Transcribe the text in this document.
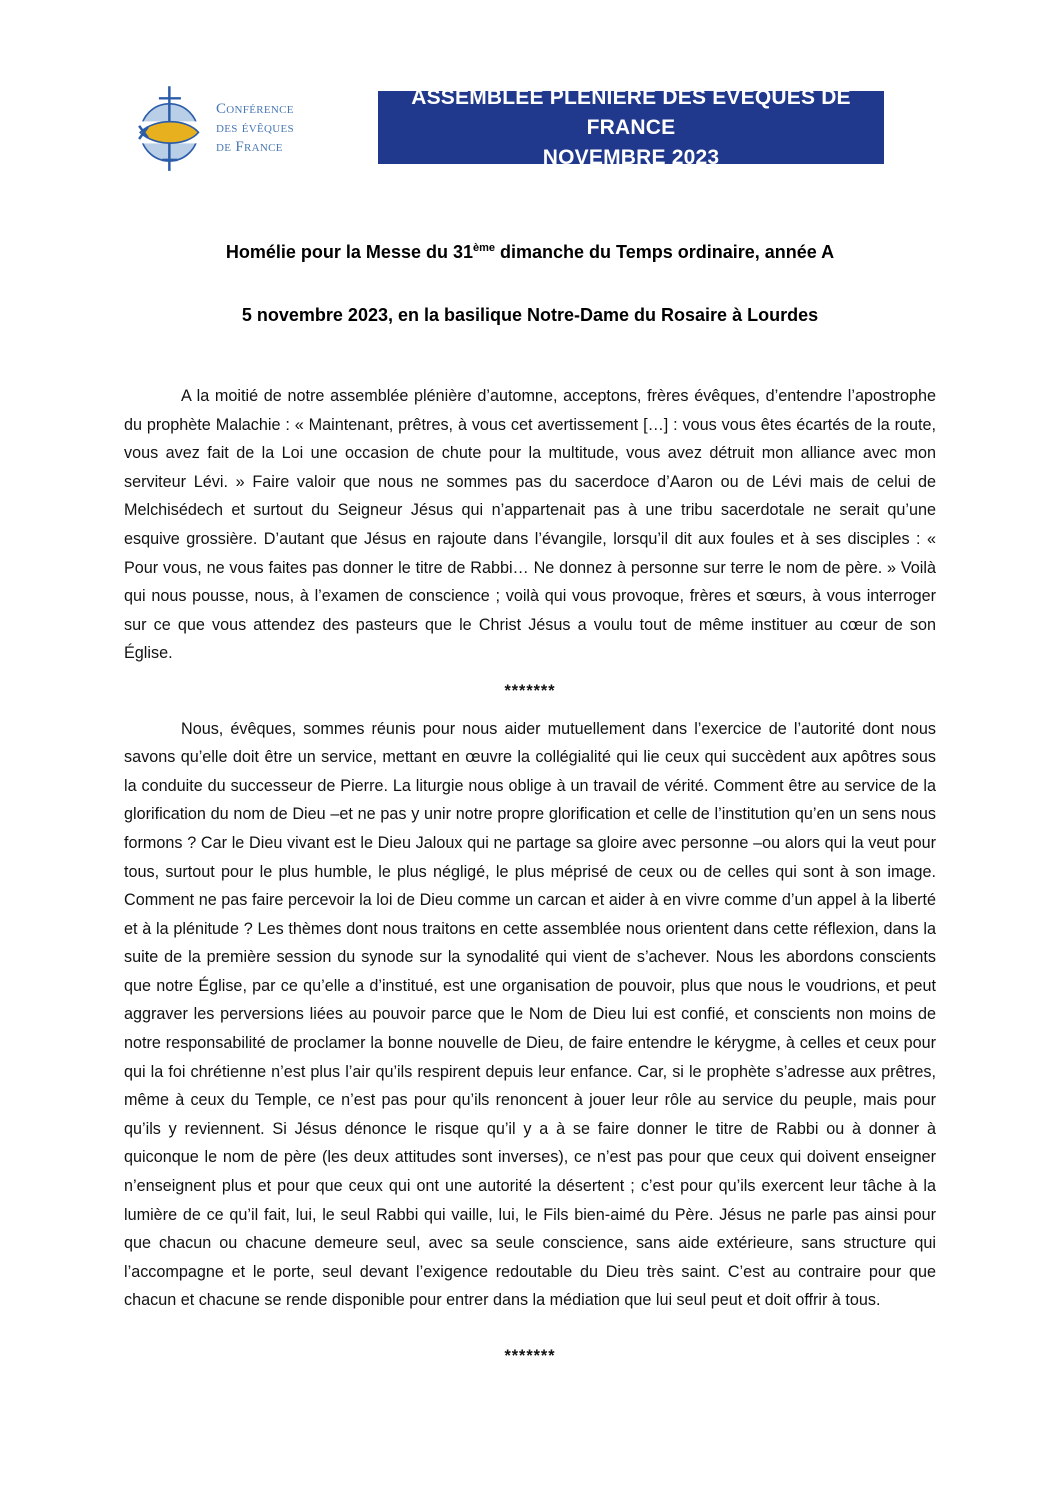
Conférence
des évêques
de France
ASSEMBLÉE PLÉNIÈRE DES ÉVÊQUES DE FRANCE
NOVEMBRE 2023
Homélie pour la Messe du 31ème dimanche du Temps ordinaire, année A
5 novembre 2023, en la basilique Notre-Dame du Rosaire à Lourdes

A la moitié de notre assemblée plénière d’automne, acceptons, frères évêques, d’entendre l’apostrophe du prophète Malachie : « Maintenant, prêtres, à vous cet avertissement […] : vous vous êtes écartés de la route, vous avez fait de la Loi une occasion de chute pour la multitude, vous avez détruit mon alliance avec mon serviteur Lévi. » Faire valoir que nous ne sommes pas du sacerdoce d’Aaron ou de Lévi mais de celui de Melchisédech et surtout du Seigneur Jésus qui n’appartenait pas à une tribu sacerdotale ne serait qu’une esquive grossière. D’autant que Jésus en rajoute dans l’évangile, lorsqu’il dit aux foules et à ses disciples : « Pour vous, ne vous faites pas donner le titre de Rabbi… Ne donnez à personne sur terre le nom de père. » Voilà qui nous pousse, nous, à l’examen de conscience ; voilà qui vous provoque, frères et sœurs, à vous interroger sur ce que vous attendez des pasteurs que le Christ Jésus a voulu tout de même instituer au cœur de son Église.

*******

Nous, évêques, sommes réunis pour nous aider mutuellement dans l’exercice de l’autorité dont nous savons qu’elle doit être un service, mettant en œuvre la collégialité qui lie ceux qui succèdent aux apôtres sous la conduite du successeur de Pierre. La liturgie nous oblige à un travail de vérité. Comment être au service de la glorification du nom de Dieu –et ne pas y unir notre propre glorification et celle de l’institution qu’en un sens nous formons ? Car le Dieu vivant est le Dieu Jaloux qui ne partage sa gloire avec personne –ou alors qui la veut pour tous, surtout pour le plus humble, le plus négligé, le plus méprisé de ceux ou de celles qui sont à son image. Comment ne pas faire percevoir la loi de Dieu comme un carcan et aider à en vivre comme d’un appel à la liberté et à la plénitude ? Les thèmes dont nous traitons en cette assemblée nous orientent dans cette réflexion, dans la suite de la première session du synode sur la synodalité qui vient de s’achever. Nous les abordons conscients que notre Église, par ce qu’elle a d’institué, est une organisation de pouvoir, plus que nous le voudrions, et peut aggraver les perversions liées au pouvoir parce que le Nom de Dieu lui est confié, et conscients non moins de notre responsabilité de proclamer la bonne nouvelle de Dieu, de faire entendre le kérygme, à celles et ceux pour qui la foi chrétienne n’est plus l’air qu’ils respirent depuis leur enfance. Car, si le prophète s’adresse aux prêtres, même à ceux du Temple, ce n’est pas pour qu’ils renoncent à jouer leur rôle au service du peuple, mais pour qu’ils y reviennent. Si Jésus dénonce le risque qu’il y a à se faire donner le titre de Rabbi ou à donner à quiconque le nom de père (les deux attitudes sont inverses), ce n’est pas pour que ceux qui doivent enseigner n’enseignent plus et pour que ceux qui ont une autorité la désertent ; c’est pour qu’ils exercent leur tâche à la lumière de ce qu’il fait, lui, le seul Rabbi qui vaille, lui, le Fils bien-aimé du Père. Jésus ne parle pas ainsi pour que chacun ou chacune demeure seul, avec sa seule conscience, sans aide extérieure, sans structure qui l’accompagne et le porte, seul devant l’exigence redoutable du Dieu très saint. C’est au contraire pour que chacun et chacune se rende disponible pour entrer dans la médiation que lui seul peut et doit offrir à tous.

*******
